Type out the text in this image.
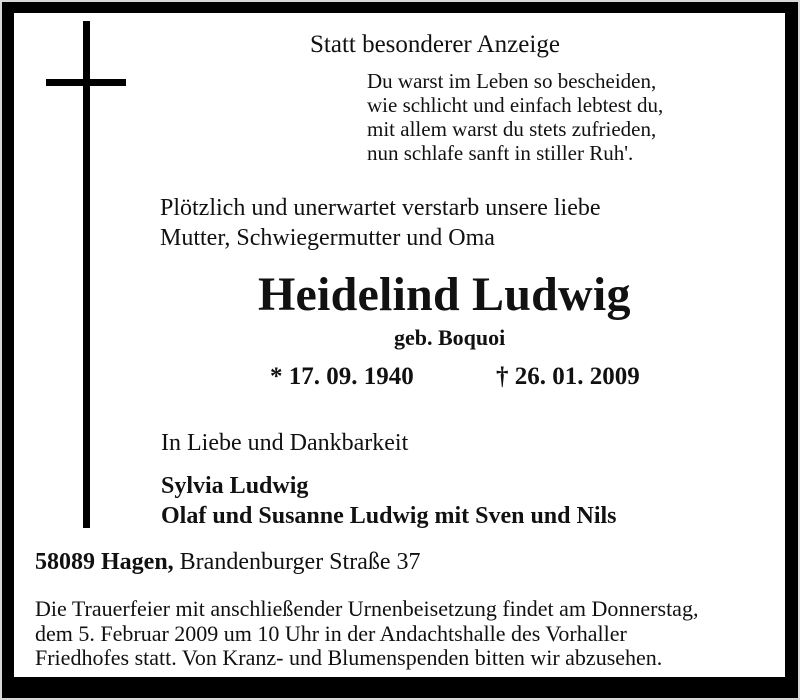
Statt besonderer Anzeige
Du warst im Leben so bescheiden,
wie schlicht und einfach lebtest du,
mit allem warst du stets zufrieden,
nun schlafe sanft in stiller Ruh'.
Plötzlich und unerwartet verstarb unsere liebe
Mutter, Schwiegermutter und Oma
Heidelind Ludwig
geb. Boquoi
* 17. 09. 1940	† 26. 01. 2009
In Liebe und Dankbarkeit
Sylvia Ludwig
Olaf und Susanne Ludwig mit Sven und Nils
58089 Hagen, Brandenburger Straße 37
Die Trauerfeier mit anschließender Urnenbeisetzung findet am Donnerstag,
dem 5. Februar 2009 um 10 Uhr in der Andachtshalle des Vorhaller
Friedhofes statt. Von Kranz- und Blumenspenden bitten wir abzusehen.
